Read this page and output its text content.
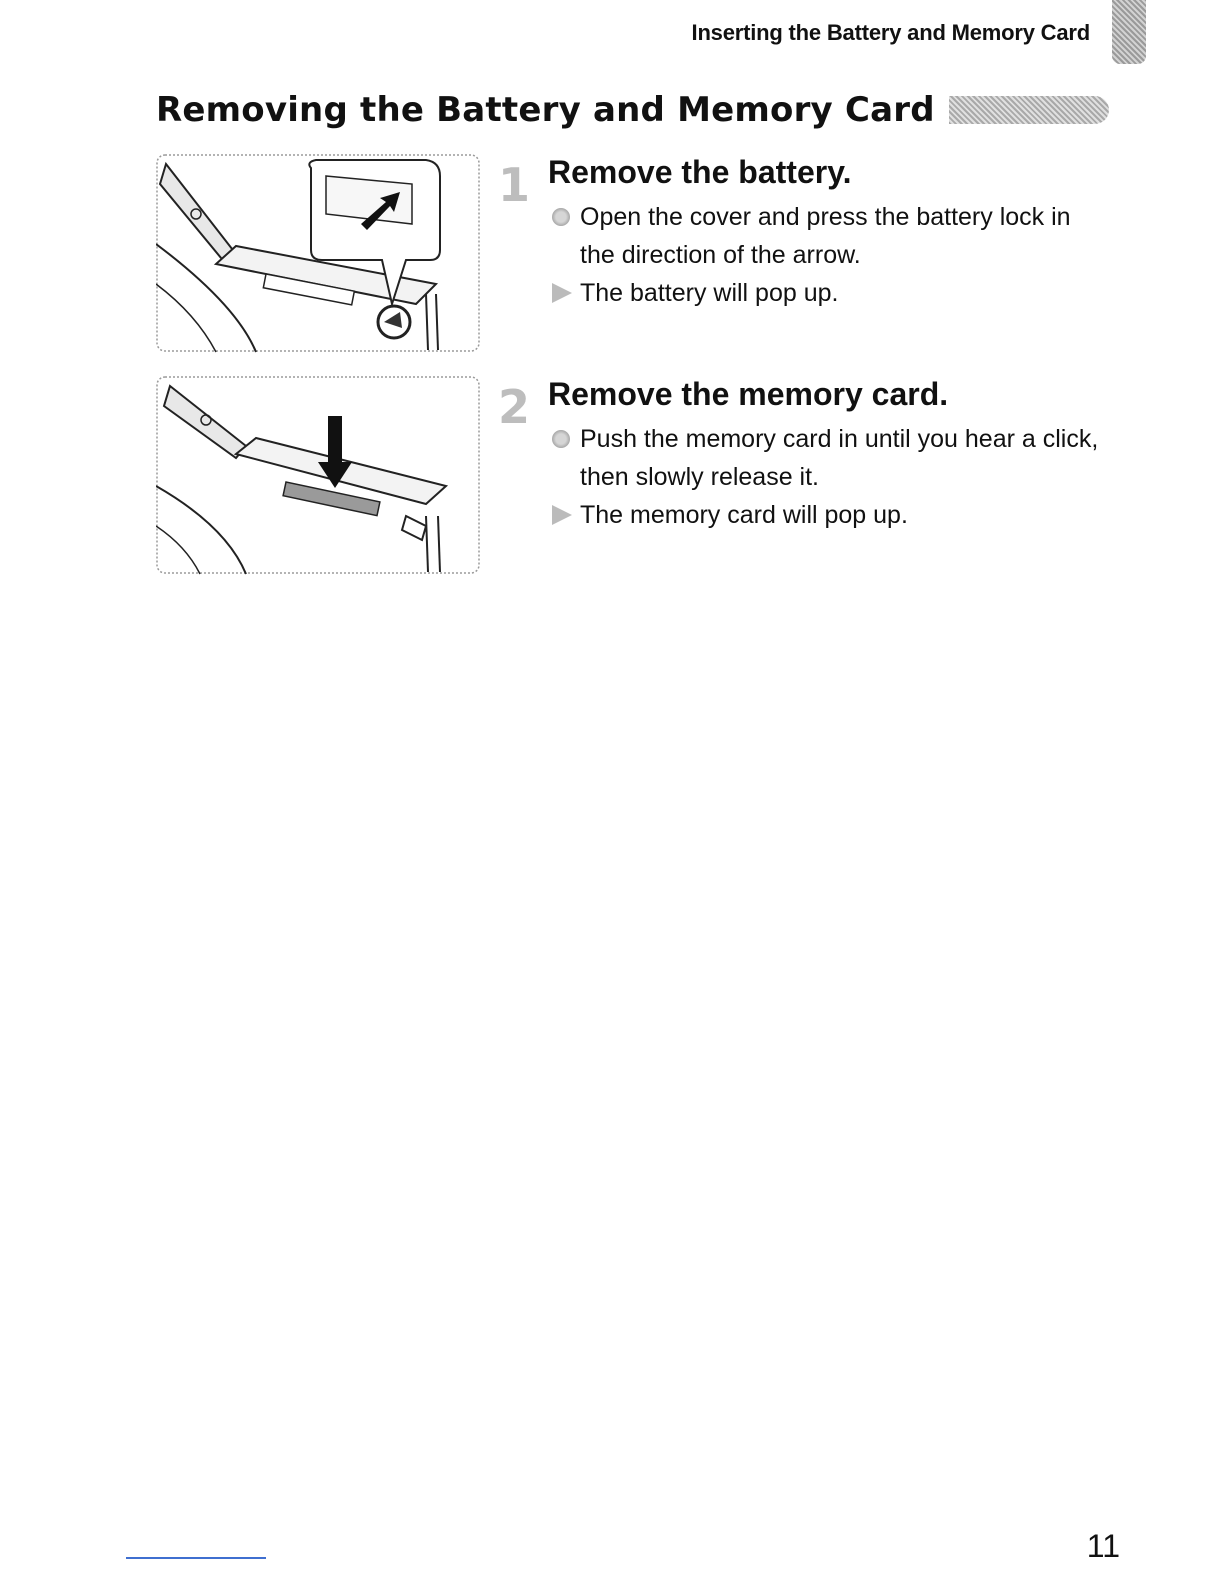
Inserting the Battery and Memory Card
Removing the Battery and Memory Card
1 Remove the battery.
Open the cover and press the battery lock in the direction of the arrow.
The battery will pop up.
2 Remove the memory card.
Push the memory card in until you hear a click, then slowly release it.
The memory card will pop up.
11
